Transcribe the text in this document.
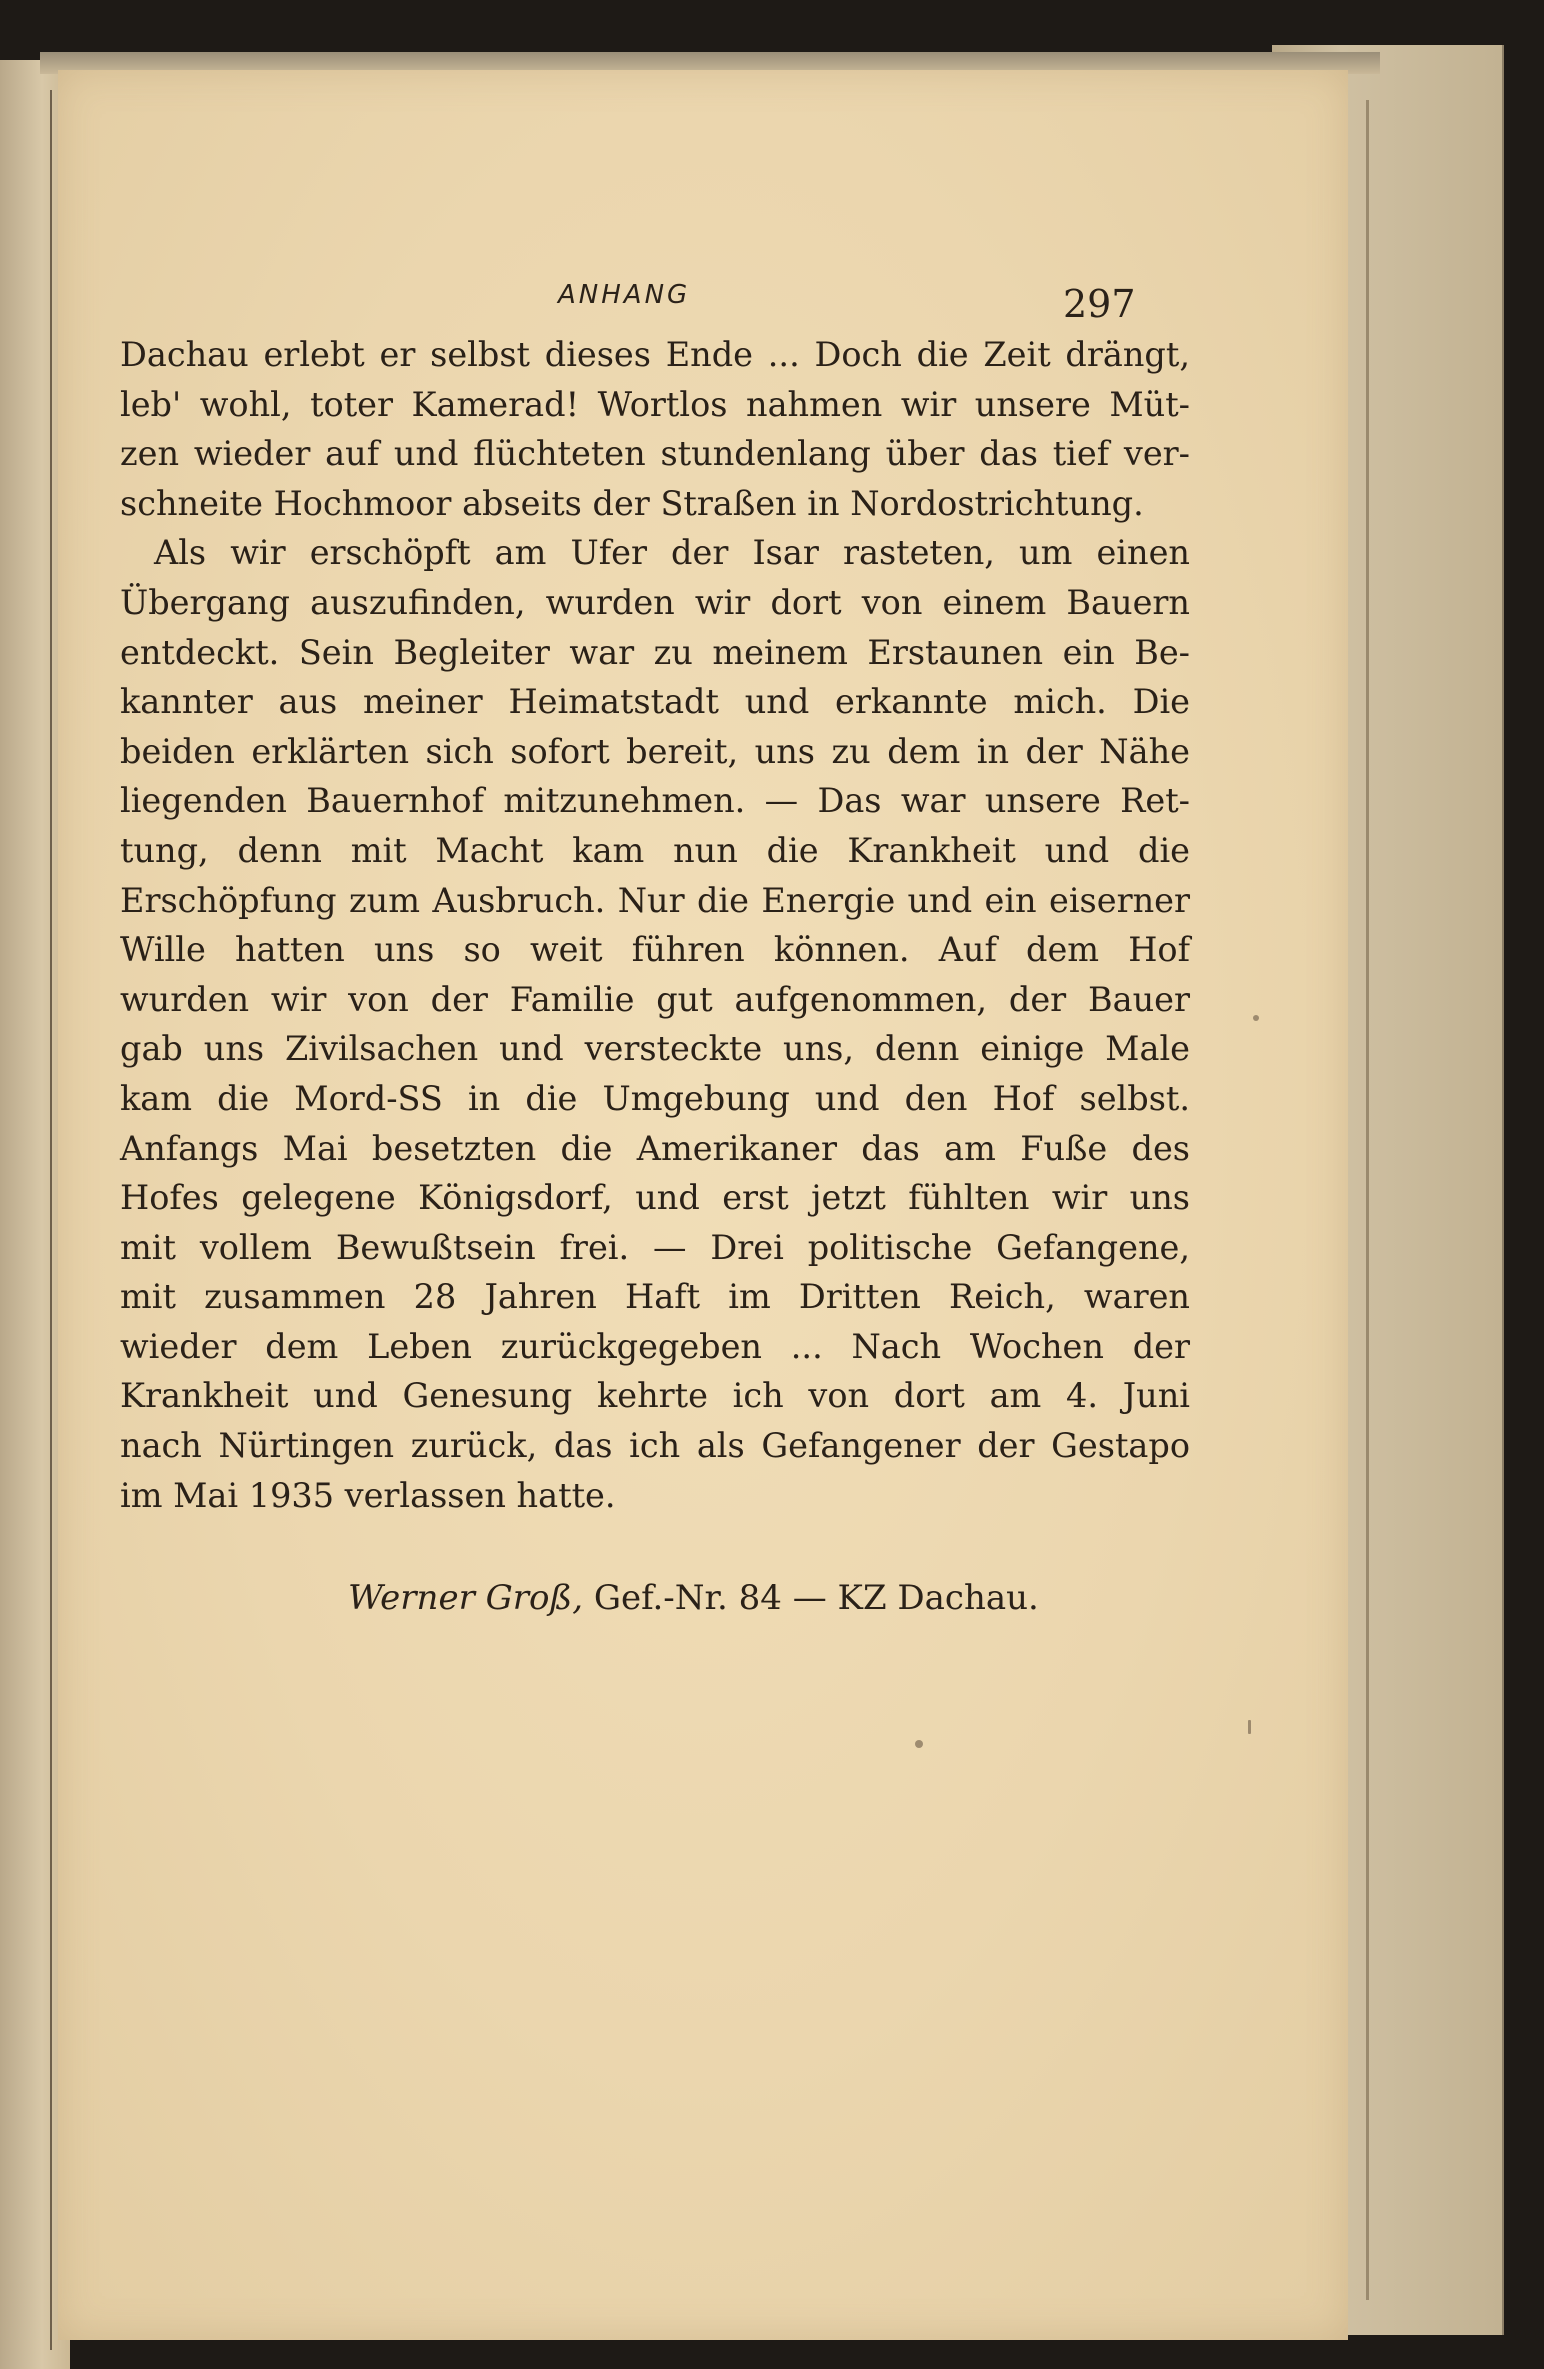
ANHANG	297
Dachau erlebt er selbst dieses Ende ... Doch die Zeit drängt,
leb' wohl, toter Kamerad! Wortlos nahmen wir unsere Müt-
zen wieder auf und flüchteten stundenlang über das tief ver-
schneite Hochmoor abseits der Straßen in Nordostrichtung.
Als wir erschöpft am Ufer der Isar rasteten, um einen
Übergang auszufinden, wurden wir dort von einem Bauern
entdeckt. Sein Begleiter war zu meinem Erstaunen ein Be-
kannter aus meiner Heimatstadt und erkannte mich. Die
beiden erklärten sich sofort bereit, uns zu dem in der Nähe
liegenden Bauernhof mitzunehmen. — Das war unsere Ret-
tung, denn mit Macht kam nun die Krankheit und die
Erschöpfung zum Ausbruch. Nur die Energie und ein eiserner
Wille hatten uns so weit führen können. Auf dem Hof
wurden wir von der Familie gut aufgenommen, der Bauer
gab uns Zivilsachen und versteckte uns, denn einige Male
kam die Mord-SS in die Umgebung und den Hof selbst.
Anfangs Mai besetzten die Amerikaner das am Fuße des
Hofes gelegene Königsdorf, und erst jetzt fühlten wir uns
mit vollem Bewußtsein frei. — Drei politische Gefangene,
mit zusammen 28 Jahren Haft im Dritten Reich, waren
wieder dem Leben zurückgegeben ... Nach Wochen der
Krankheit und Genesung kehrte ich von dort am 4. Juni
nach Nürtingen zurück, das ich als Gefangener der Gestapo
im Mai 1935 verlassen hatte.
Werner Groß, Gef.-Nr. 84 — KZ Dachau.
